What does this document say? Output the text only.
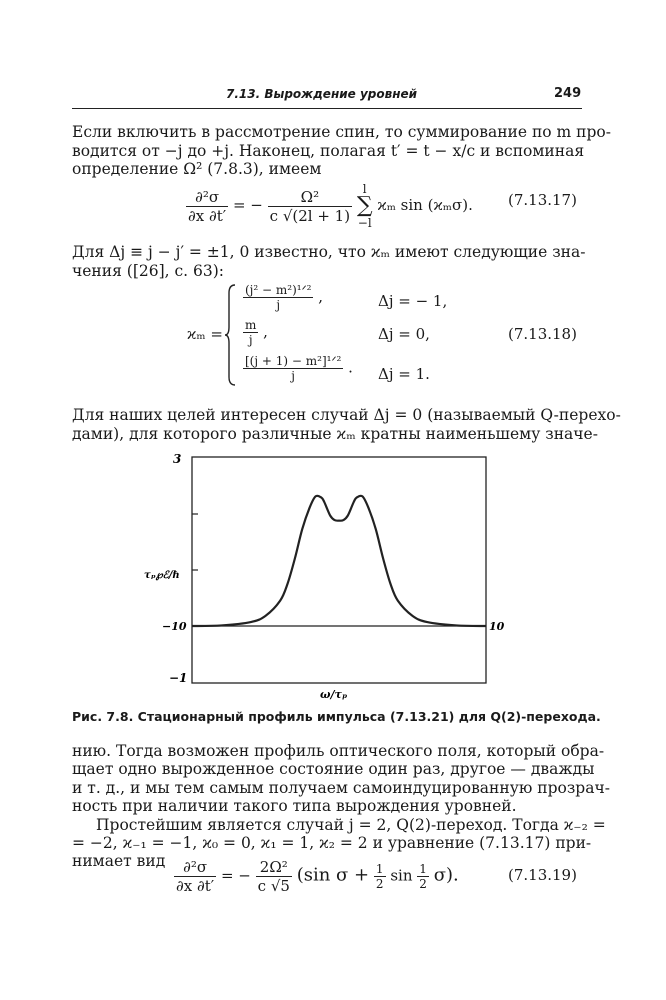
7.13. Вырождение уровней	249
Если включить в рассмотрение спин, то суммирование по m про-
водится от −j до +j. Наконец, полагая t′ = t − x/c и вспоминая
определение Ω² (7.8.3), имеем
$\frac{\text{∂²σ}}{\partial x \partial t'}$ = − $\frac{\text{Ω²}}{c √(2l + 1)}$
l
∑
−l
ϰₘ sin (ϰₘσ). (7.13.17)
Для Δj ≡ j − j′ = ±1, 0 известно, что ϰₘ имеют следующие зна-
чения ([26], с. 63):
ϰₘ =
$\frac{\text{(j² − m²)¹ᐟ²}}{j}$ ,	Δj = − 1,
$\frac{m}{j}$ ,	Δj = 0,
$\frac{\text{[(j + 1) − m²]¹ᐟ²}}{j}$ . Δj = 1.
(7.13.18)
Для наших целей интересен случай Δj = 0 (называемый Q-перехо-
дами), для которого различные ϰₘ кратны наименьшему значе-
3
−1
−10	10
τₚ℘ℰ/ℏ
ω/τₚ
Рис. 7.8. Стационарный профиль импульса (7.13.21) для Q(2)-перехода.
нию. Тогда возможен профиль оптического поля, который обра-
щает одно вырожденное состояние один раз, другое — дважды
и т. д., и мы тем самым получаем самоиндуцированную прозрач-
ность при наличии такого типа вырождения уровней.
Простейшим является случай j = 2, Q(2)-переход. Тогда ϰ₋₂ =
= −2, ϰ₋₁ = −1, ϰ₀ = 0, ϰ₁ = 1, ϰ₂ = 2 и уравнение (7.13.17) при-
нимает вид $\frac{\text{∂²σ}}{\partial x \partial t'}$ = − $\frac{\text{2Ω²}}{c √5} (\sin$ $\sigma + \frac{1}{2}$ $\sin \frac{1}{2} \sigma$).	(7.13.19)
